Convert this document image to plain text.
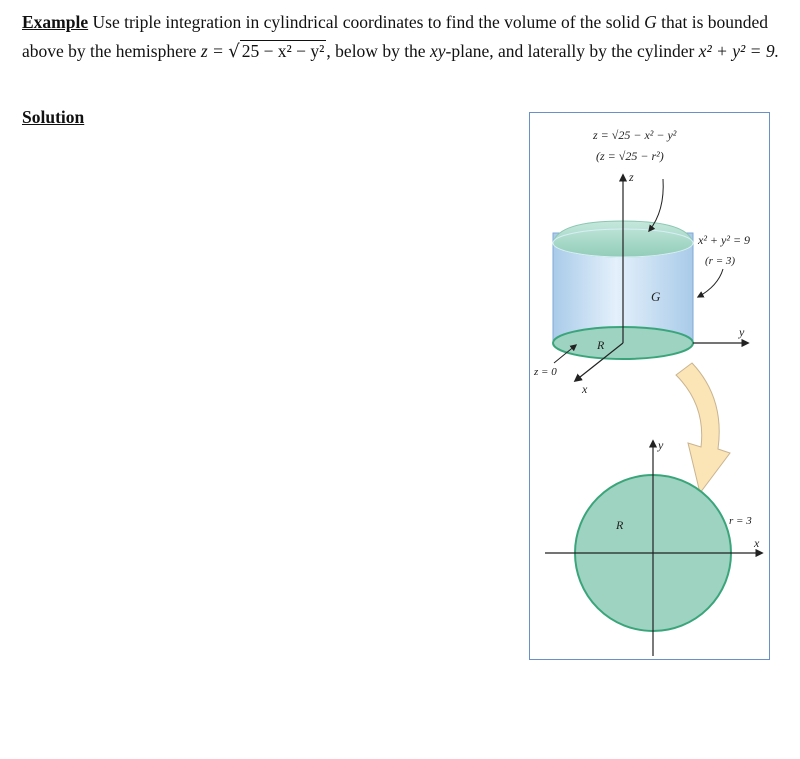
Example Use triple integration in cylindrical coordinates to find the volume of the solid G that is bounded above by the hemisphere z = √ 25 − x² − y² , below by the xy-plane, and laterally by the cylinder x² + y² = 9.
Solution
z = √25 − x² − y²
(z = √25 − r²)
z
x² + y² = 9
(r = 3)
G
y
R
z = 0
x
y
r = 3
R
x
